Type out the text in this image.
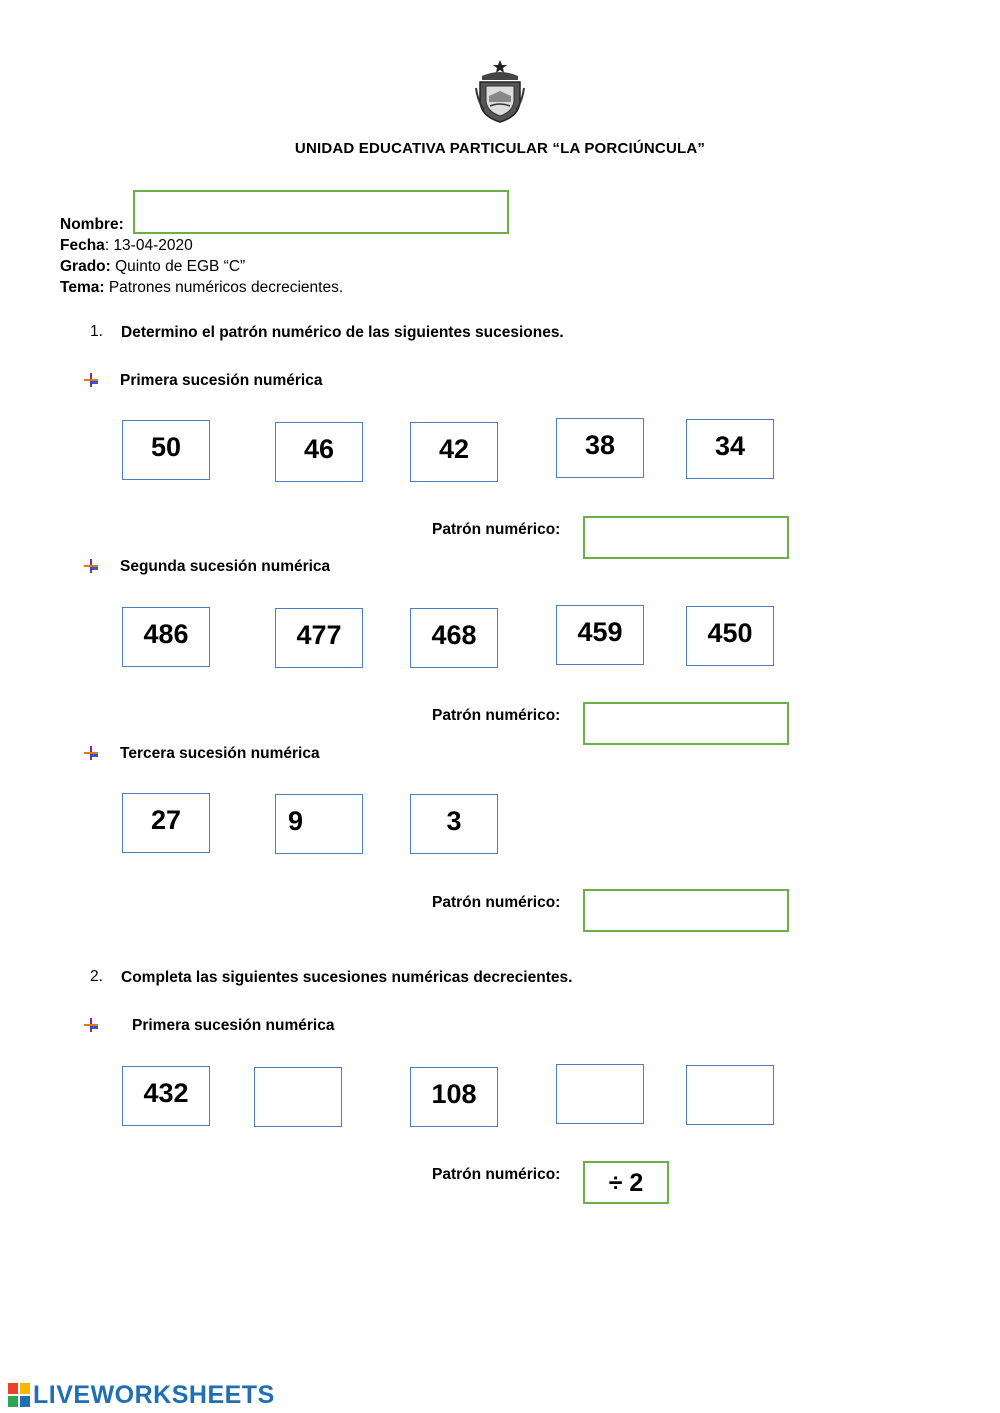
UNIDAD EDUCATIVA PARTICULAR “LA PORCIÚNCULA”
Nombre:
Fecha: 13-04-2020
Grado: Quinto de EGB “C”
Tema: Patrones numéricos decrecientes.
1. Determino el patrón numérico de las siguientes sucesiones.
Primera sucesión numérica
50	46	42	38	34
Patrón numérico:
Segunda sucesión numérica
486	477	468	459	450
Patrón numérico:
Tercera sucesión numérica
27	9	3
Patrón numérico:
2. Completa las siguientes sucesiones numéricas decrecientes.
Primera sucesión numérica
432	108
Patrón numérico:	÷ 2
LIVEWORKSHEETS
